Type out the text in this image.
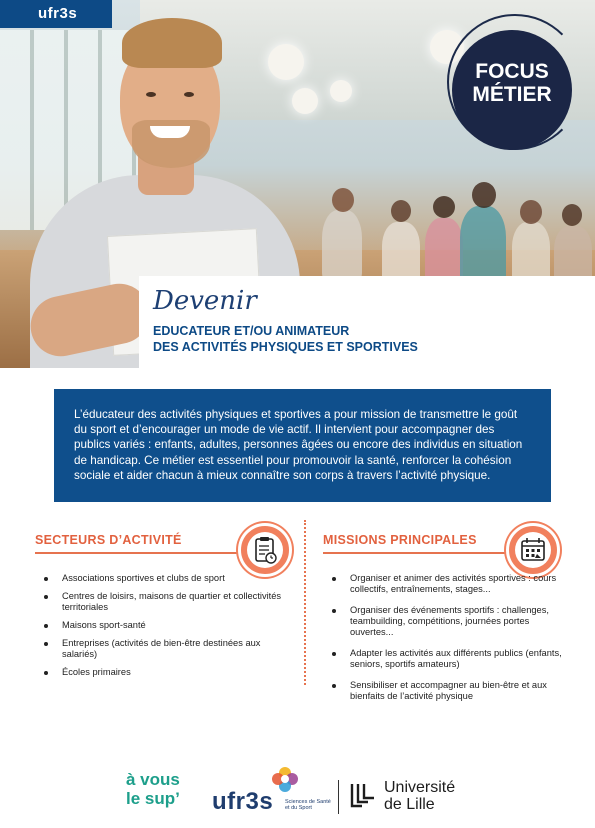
ufr3s
FOCUS
MÉTIER
Devenir
EDUCATEUR ET/OU ANIMATEUR
DES ACTIVITÉS PHYSIQUES ET SPORTIVES
L’éducateur des activités physiques et sportives a pour mission de transmettre le goût du sport et d’encourager un mode de vie actif. Il intervient pour accompagner des publics variés : enfants, adultes, personnes âgées ou encore des individus en situation de handicap. Ce métier est essentiel pour promouvoir la santé, renforcer la cohésion sociale et aider chacun à mieux connaître son corps à travers l’activité physique.
SECTEURS D’ACTIVITÉ
Associations sportives et clubs de sport
Centres de loisirs, maisons de quartier et collectivités territoriales
Maisons sport-santé
Entreprises (activités de bien-être destinées aux salariés)
Écoles primaires
MISSIONS PRINCIPALES
Organiser et animer des activités sportives : cours collectifs, entraînements, stages...
Organiser des événements sportifs : challenges, teambuilding, compétitions, journées portes ouvertes...
Adapter les activités aux différents publics (enfants, seniors, sportifs amateurs)
Sensibiliser et accompagner au bien-être et aux bienfaits de l’activité physique
à vous
le sup’ ufr3s Sciences de Santé
et du Sport
Université
de Lille
